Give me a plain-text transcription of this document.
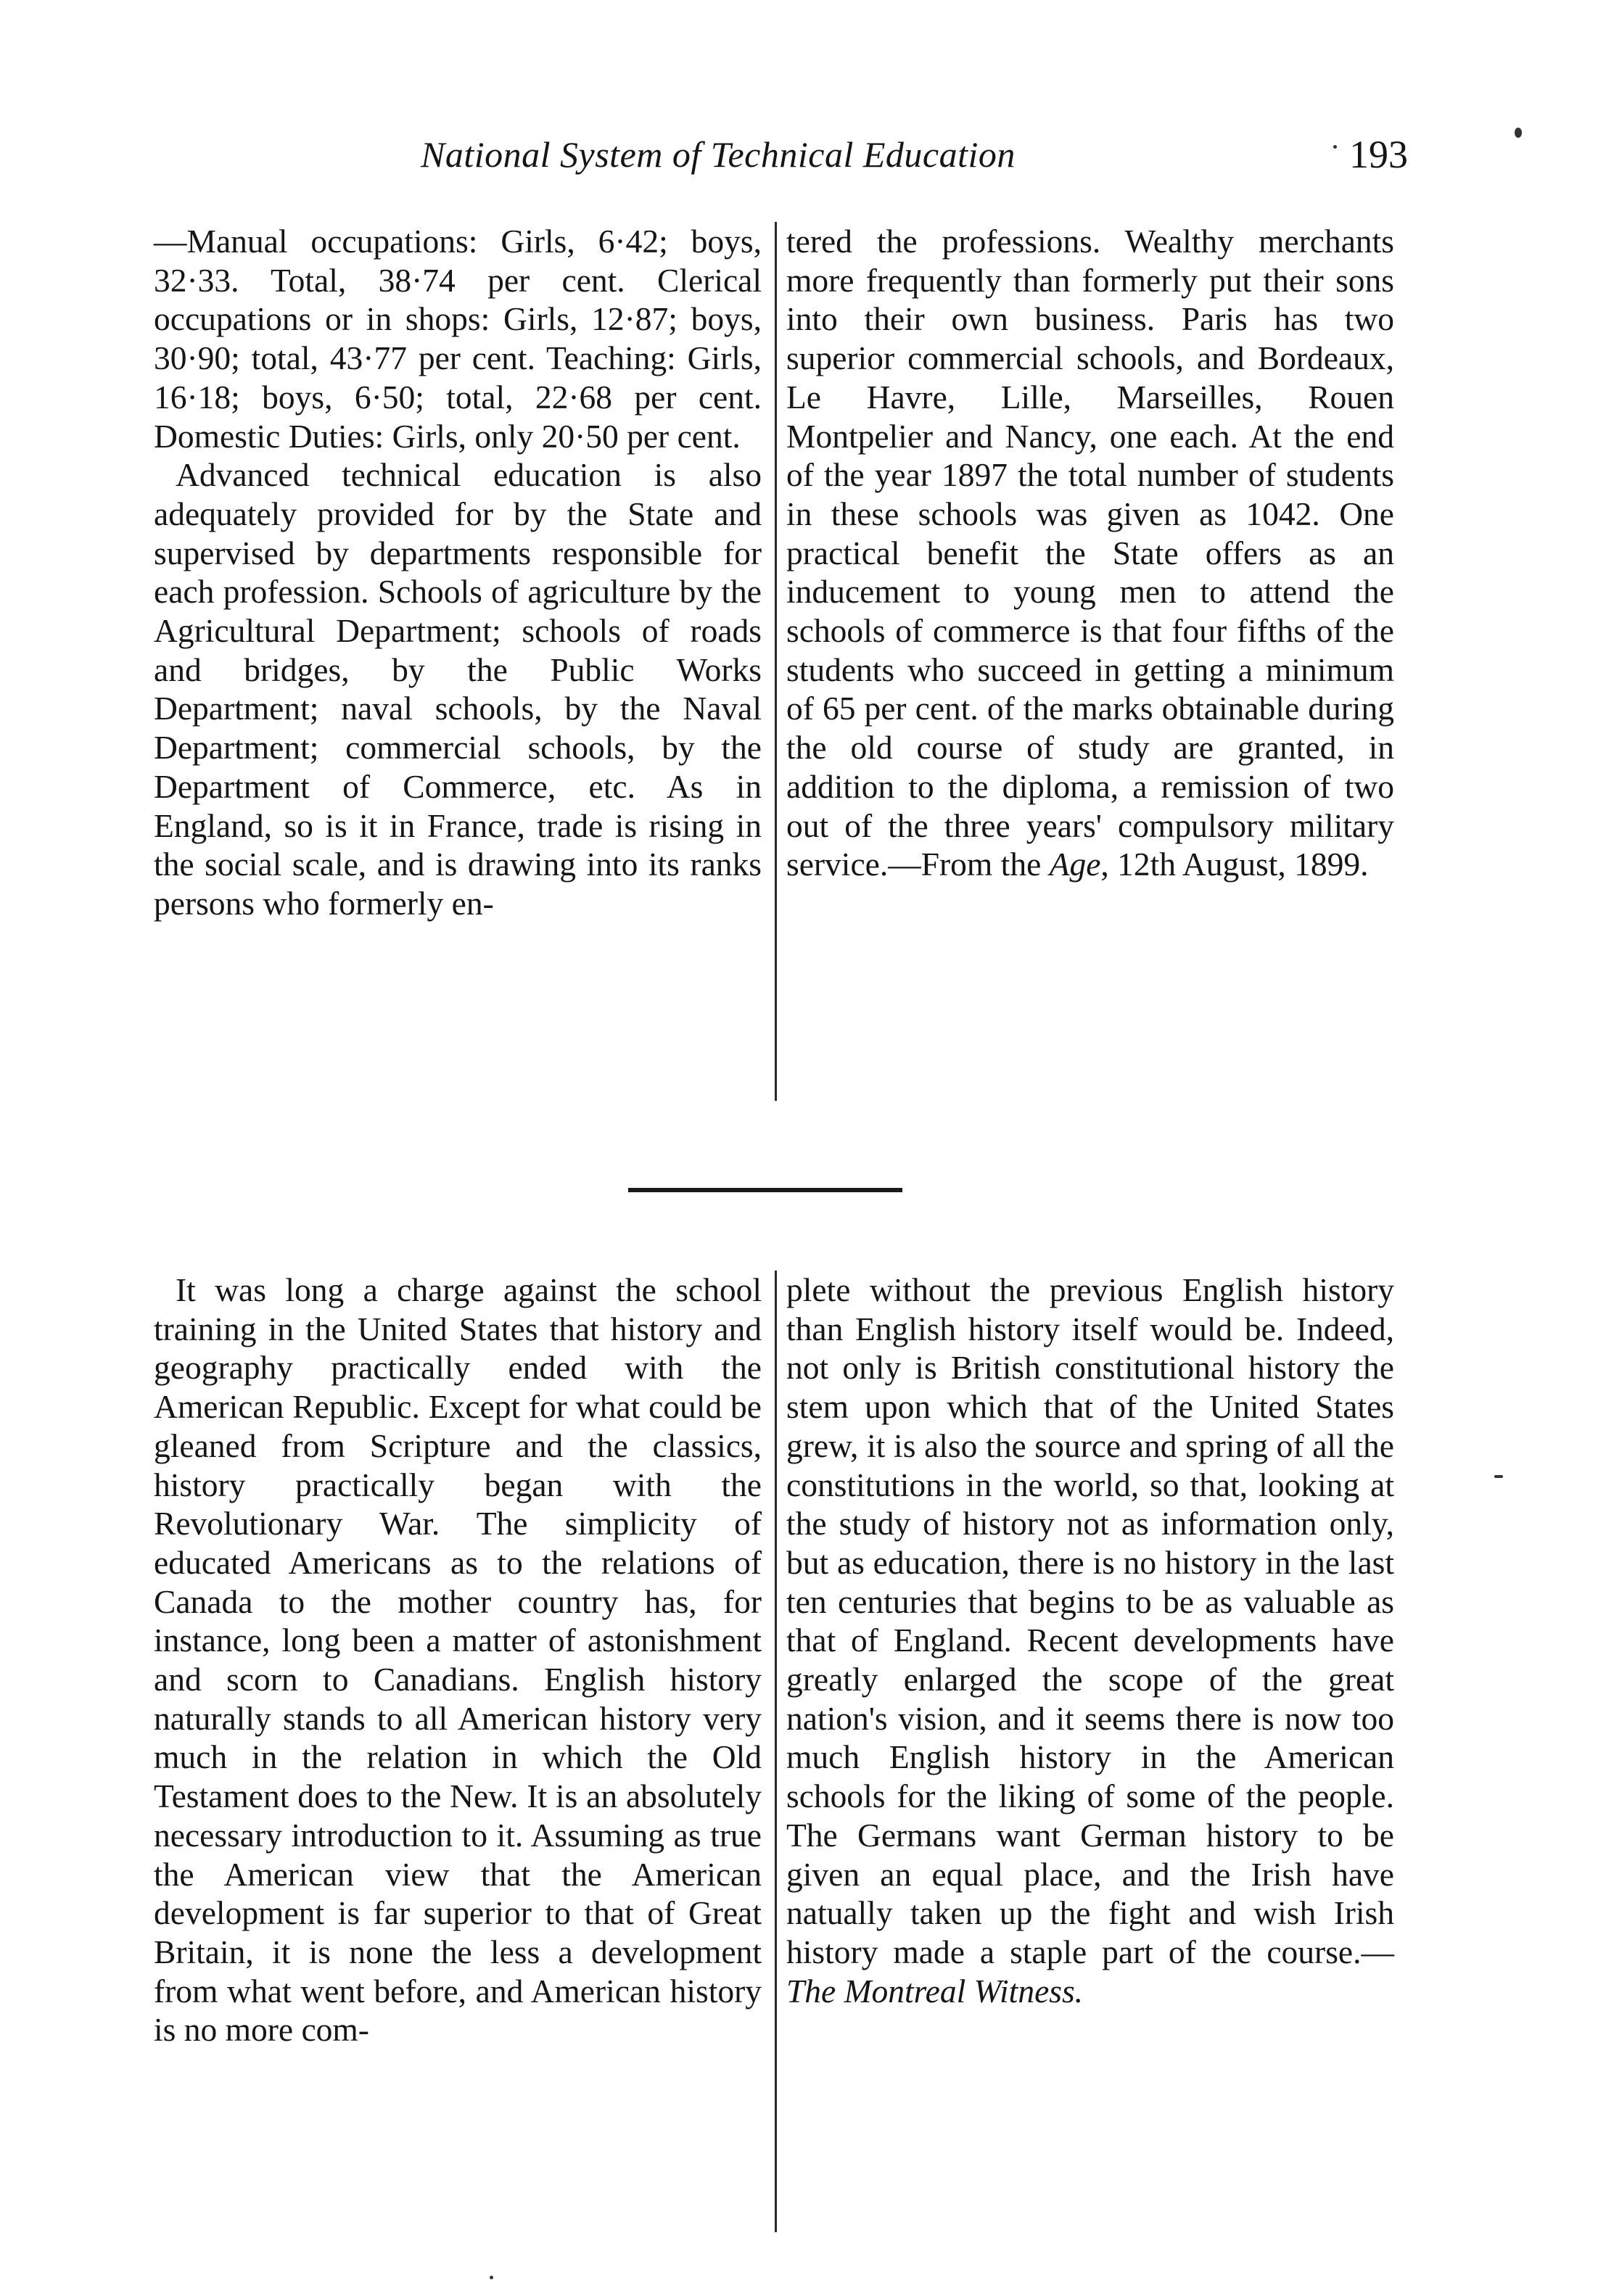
National System of Technical Education	193

—Manual occupations: Girls, 6·42; boys, 32·33. Total, 38·74 per cent. Clerical occupations or in shops: Girls, 12·87; boys, 30·90; total, 43·77 per cent. Teaching: Girls, 16·18; boys, 6·50; total, 22·68 per cent. Domestic Duties: Girls, only 20·50 per cent.

Advanced technical education is also adequately provided for by the State and supervised by departments responsible for each profession. Schools of agriculture by the Agricultural Department; schools of roads and bridges, by the Public Works Department; naval schools, by the Naval Department; commercial schools, by the Department of Commerce, etc. As in England, so is it in France, trade is rising in the social scale, and is drawing into its ranks persons who formerly en-

tered the professions. Wealthy merchants more frequently than formerly put their sons into their own business. Paris has two superior commercial schools, and Bordeaux, Le Havre, Lille, Marseilles, Rouen Montpelier and Nancy, one each. At the end of the year 1897 the total number of students in these schools was given as 1042. One practical benefit the State offers as an inducement to young men to attend the schools of commerce is that four fifths of the students who succeed in getting a minimum of 65 per cent. of the marks obtainable during the old course of study are granted, in addition to the diploma, a remission of two out of the three years' compulsory military service.—From the Age, 12th August, 1899.

It was long a charge against the school training in the United States that history and geography practically ended with the American Republic. Except for what could be gleaned from Scripture and the classics, history practically began with the Revolutionary War. The simplicity of educated Americans as to the relations of Canada to the mother country has, for instance, long been a matter of astonishment and scorn to Canadians. English history naturally stands to all American history very much in the relation in which the Old Testament does to the New. It is an absolutely necessary introduction to it. Assuming as true the American view that the American development is far superior to that of Great Britain, it is none the less a development from what went before, and American history is no more com-

plete without the previous English history than English history itself would be. Indeed, not only is British constitutional history the stem upon which that of the United States grew, it is also the source and spring of all the constitutions in the world, so that, looking at the study of history not as information only, but as education, there is no history in the last ten centuries that begins to be as valuable as that of England. Recent developments have greatly enlarged the scope of the great nation's vision, and it seems there is now too much English history in the American schools for the liking of some of the people. The Germans want German history to be given an equal place, and the Irish have natually taken up the fight and wish Irish history made a staple part of the course.—The Montreal Witness.
